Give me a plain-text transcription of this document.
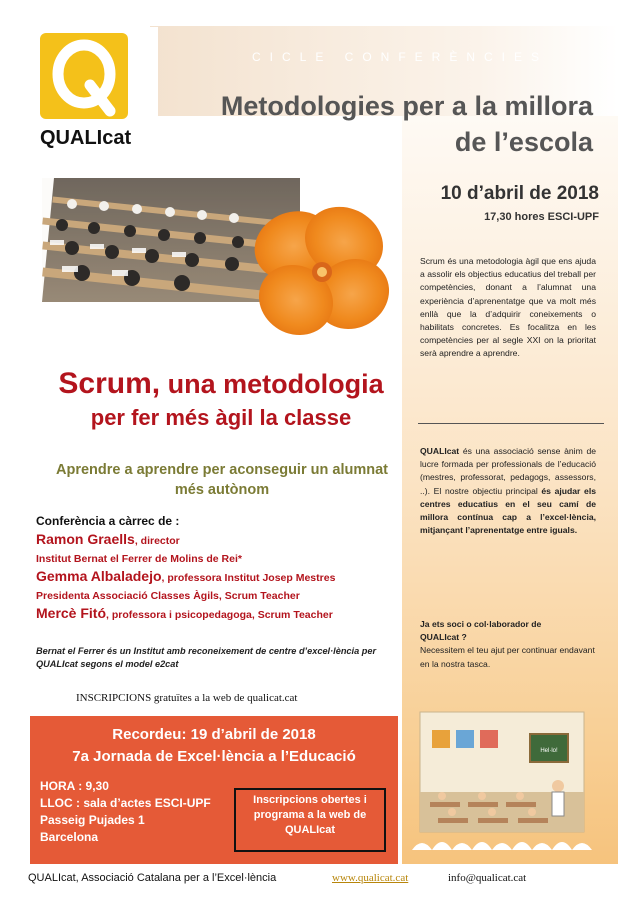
CICLE CONFERÈNCIES
QUALIcat
Metodologies per a la millora
de l’escola
10 d’abril de 2018
17,30 hores ESCI-UPF
Scrum és una metodologia àgil que ens ajuda a assolir els objectius educatius del treball per competències, donant a l’alumnat una experiència d’aprenentatge que va molt més enllà que la d’adquirir coneixements o habilitats concretes. Es focalitza en les competències per al segle XXI on la prioritat serà aprendre a aprendre.
QUALIcat és una associació sense ànim de lucre formada per professionals de l’educació (mestres, professorat, pedagogs, assessors, ..). El nostre objectiu principal és ajudar els centres educatius en el seu camí de millora contínua cap a l’excel·lència, mitjançant l’aprenentatge entre iguals.
Ja ets soci o col·laborador de
QUALIcat ?
Necessitem el teu ajut per continuar endavant en la nostra tasca.
Hel·lo!
Scrum, una metodologia
per fer més àgil la classe
Aprendre a aprendre per aconseguir un alumnat
més autònom
Conferència a càrrec de :
Ramon Graells, director
Institut Bernat el Ferrer de Molins de Rei*
Gemma Albaladejo, professora Institut Josep Mestres
Presidenta Associació Classes Àgils, Scrum Teacher
Mercè Fitó, professora i psicopedagoga, Scrum Teacher
Bernat el Ferrer és un Institut amb reconeixement de centre d’excel·lència per QUALIcat segons el model e2cat
INSCRIPCIONS gratuïtes a la web de qualicat.cat
Recordeu: 19 d’abril de 2018
7a Jornada de Excel·lència a l’Educació
HORA : 9,30
LLOC : sala d’actes ESCI-UPF
Passeig Pujades 1
Barcelona
Inscripcions obertes i programa a la web de QUALIcat
QUALIcat, Associació Catalana per a l’Excel·lència	www.qualicat.cat	info@qualicat.cat
